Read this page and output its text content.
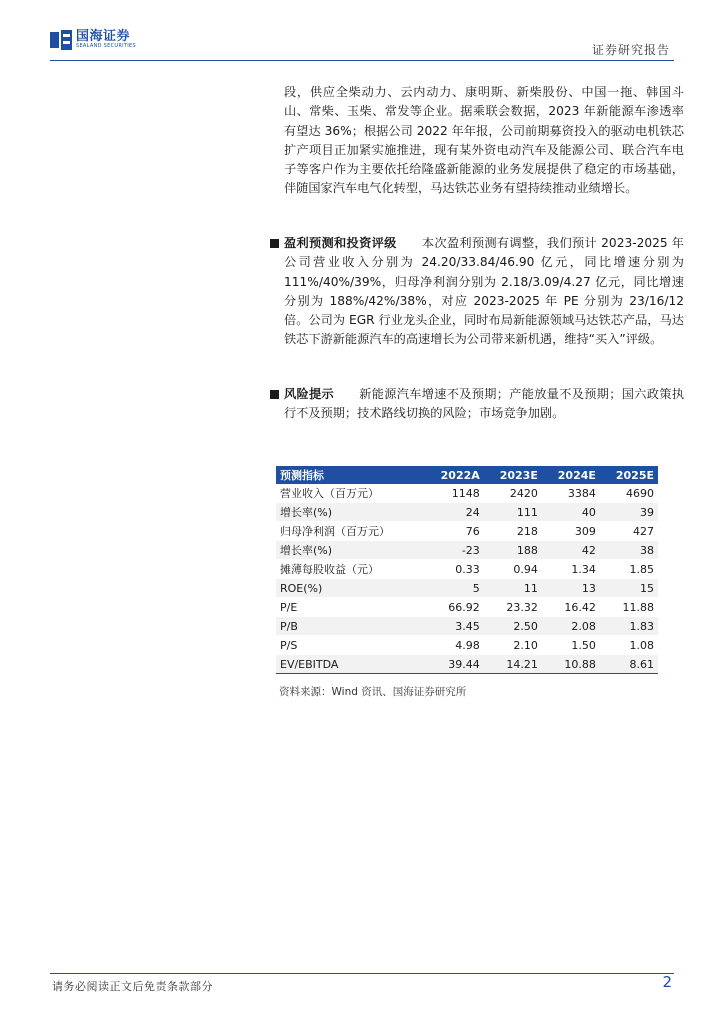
国海证券
SEALAND SECURITIES	证券研究报告
段，供应全柴动力、云内动力、康明斯、新柴股份、中国一拖、韩国斗山、常柴、玉柴、常发等企业。据乘联会数据，2023 年新能源车渗透率有望达 36%；根据公司 2022 年年报，公司前期募资投入的驱动电机铁芯扩产项目正加紧实施推进，现有某外资电动汽车及能源公司、联合汽车电子等客户作为主要依托给隆盛新能源的业务发展提供了稳定的市场基础，伴随国家汽车电气化转型，马达铁芯业务有望持续推动业绩增长。
盈利预测和投资评级 本次盈利预测有调整，我们预计 2023-2025 年公司营业收入分别为 24.20/33.84/46.90 亿元，同比增速分别为 111%/40%/39%，归母净利润分别为 2.18/3.09/4.27 亿元，同比增速分别为 188%/42%/38%，对应 2023-2025 年 PE 分别为 23/16/12 倍。公司为 EGR 行业龙头企业，同时布局新能源领域马达铁芯产品，马达铁芯下游新能源汽车的高速增长为公司带来新机遇，维持“买入”评级。
风险提示 新能源汽车增速不及预期；产能放量不及预期；国六政策执行不及预期；技术路线切换的风险；市场竞争加剧。
预测指标	2022A	2023E	2024E	2025E
营业收入（百万元）	1148	2420	3384	4690
增长率(%)	24	111	40	39
归母净利润（百万元）	76	218	309	427
增长率(%)	-23	188	42	38
摊薄每股收益（元）	0.33	0.94	1.34	1.85
ROE(%)	5	11	13	15
P/E	66.92	23.32	16.42	11.88
P/B	3.45	2.50	2.08	1.83
P/S	4.98	2.10	1.50	1.08
EV/EBITDA	39.44	14.21	10.88	8.61
资料来源：Wind 资讯、国海证券研究所
请务必阅读正文后免责条款部分	2
